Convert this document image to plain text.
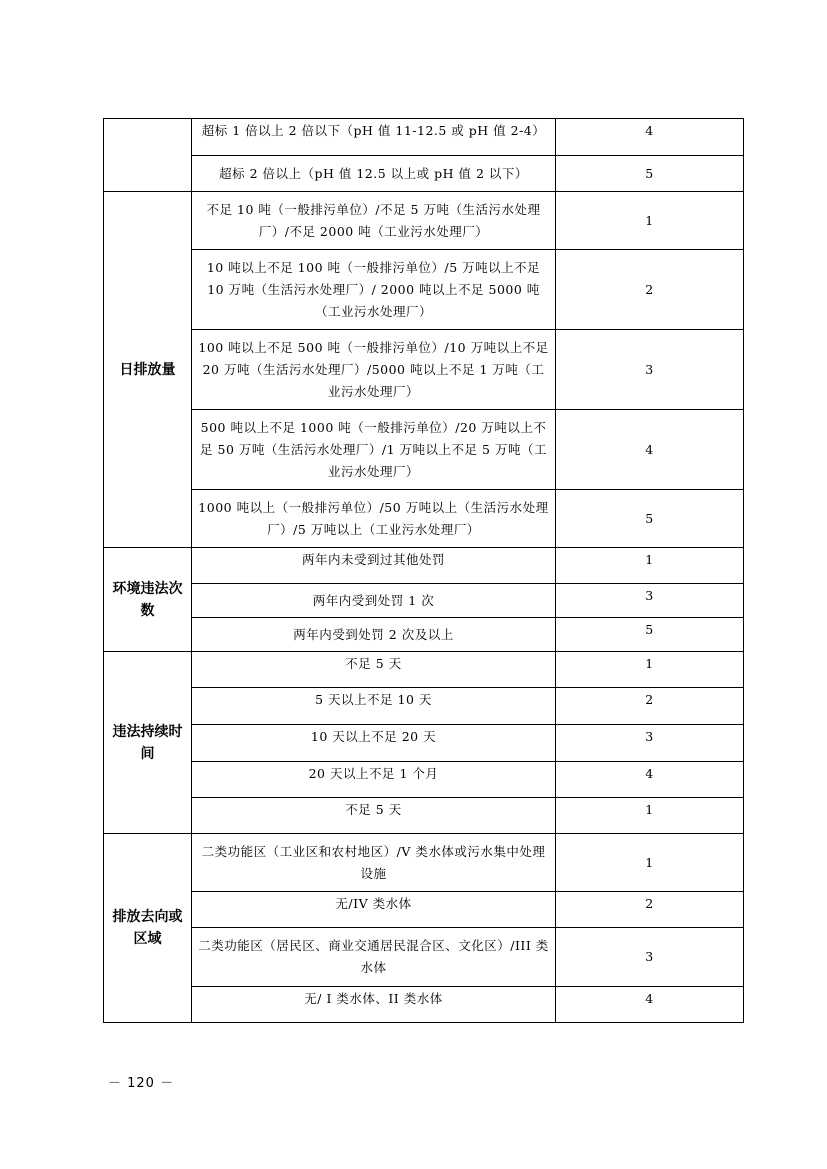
	超标 1 倍以上 2 倍以下（pH 值 11-12.5 或 pH 值 2-4）	4
	超标 2 倍以上（pH 值 12.5 以上或 pH 值 2 以下）	5
日排放量	不足 10 吨（一般排污单位）/不足 5 万吨（生活污水处理厂）/不足 2000 吨（工业污水处理厂）	1
	10 吨以上不足 100 吨（一般排污单位）/5 万吨以上不足 10 万吨（生活污水处理厂）/ 2000 吨以上不足 5000 吨（工业污水处理厂）	2
	100 吨以上不足 500 吨（一般排污单位）/10 万吨以上不足 20 万吨（生活污水处理厂）/5000 吨以上不足 1 万吨（工业污水处理厂）	3
	500 吨以上不足 1000 吨（一般排污单位）/20 万吨以上不足 50 万吨（生活污水处理厂）/1 万吨以上不足 5 万吨（工业污水处理厂）	4
	1000 吨以上（一般排污单位）/50 万吨以上（生活污水处理厂）/5 万吨以上（工业污水处理厂）	5
环境违法次数	两年内未受到过其他处罚	1
	两年内受到处罚 1 次	3
	两年内受到处罚 2 次及以上	5
违法持续时间	不足 5 天	1
	5 天以上不足 10 天	2
	10 天以上不足 20 天	3
	20 天以上不足 1 个月	4
	不足 5 天	1
排放去向或区域	二类功能区（工业区和农村地区）/V 类水体或污水集中处理设施	1
	无/IV 类水体	2
	二类功能区（居民区、商业交通居民混合区、文化区）/III 类水体	3
	无/ I 类水体、II 类水体	4
－ 120 －
